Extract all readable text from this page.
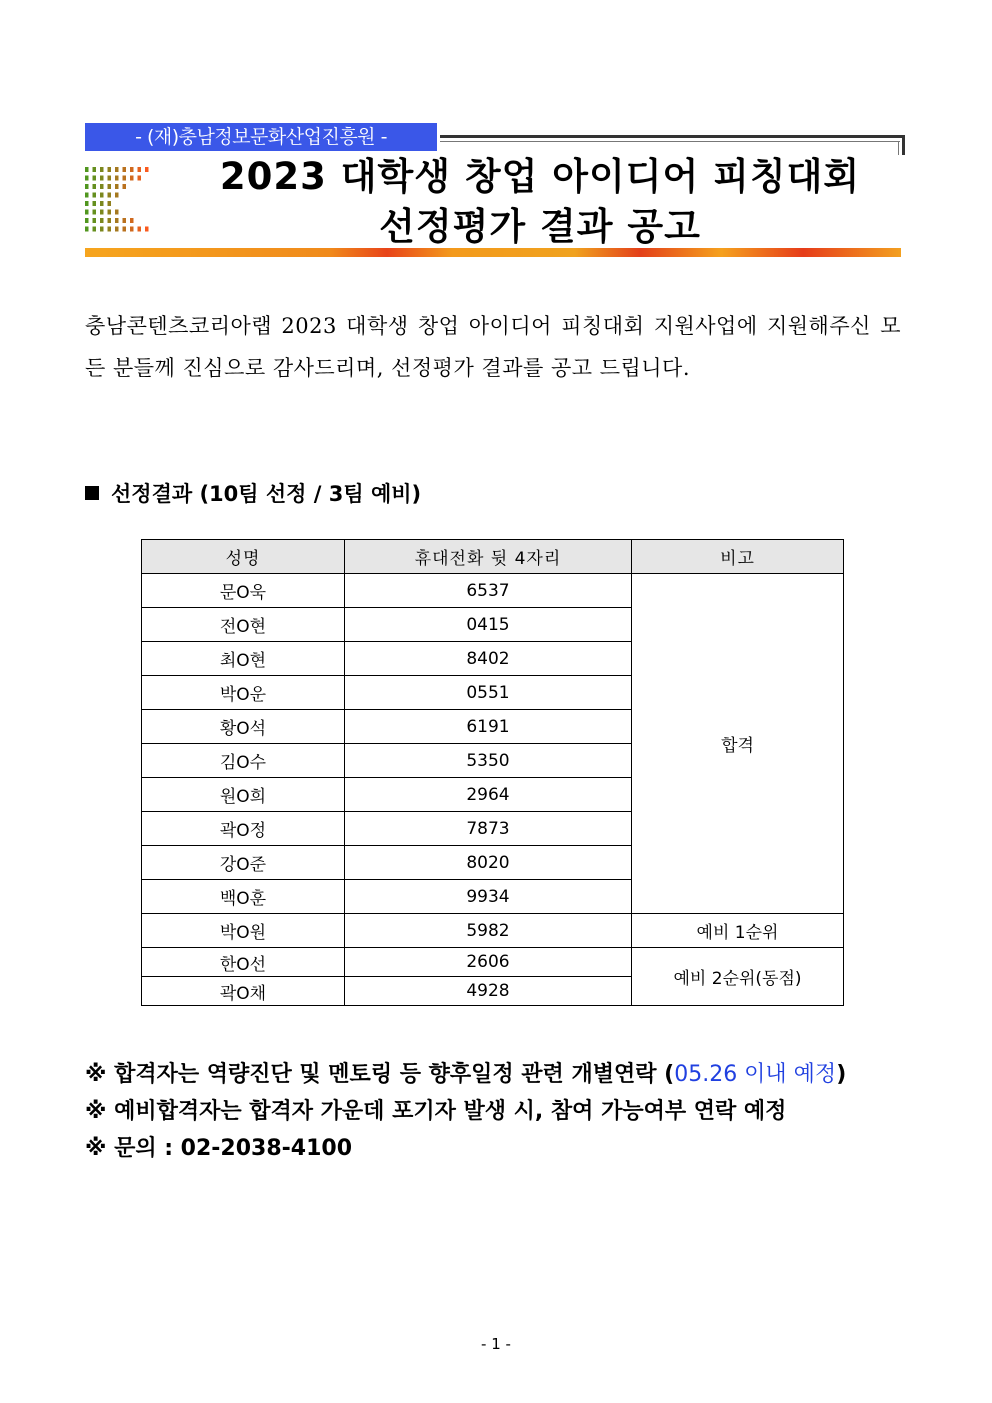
- (재)충남정보문화산업진흥원 -
2023 대학생 창업 아이디어 피칭대회
선정평가 결과 공고
충남콘텐츠코리아랩 2023 대학생 창업 아이디어 피칭대회 지원사업에 지원해주신 모든 분들께 진심으로 감사드리며, 선정평가 결과를 공고 드립니다.
선정결과 (10팀 선정 / 3팀 예비)
성명	휴대전화 뒷 4자리	비고
문O욱	6537	합격
전O현	0415	
최O현	8402	
박O운	0551	
황O석	6191	
김O수	5350	
원O희	2964	
곽O정	7873	
강O준	8020	
백O훈	9934	
박O원	5982	예비 1순위
한O선	2606	예비 2순위(동점)
곽O채	4928	
※ 합격자는 역량진단 및 멘토링 등 향후일정 관련 개별연락 (05.26 이내 예정)
※ 예비합격자는 합격자 가운데 포기자 발생 시, 참여 가능여부 연락 예정
※ 문의 : 02-2038-4100
- 1 -
